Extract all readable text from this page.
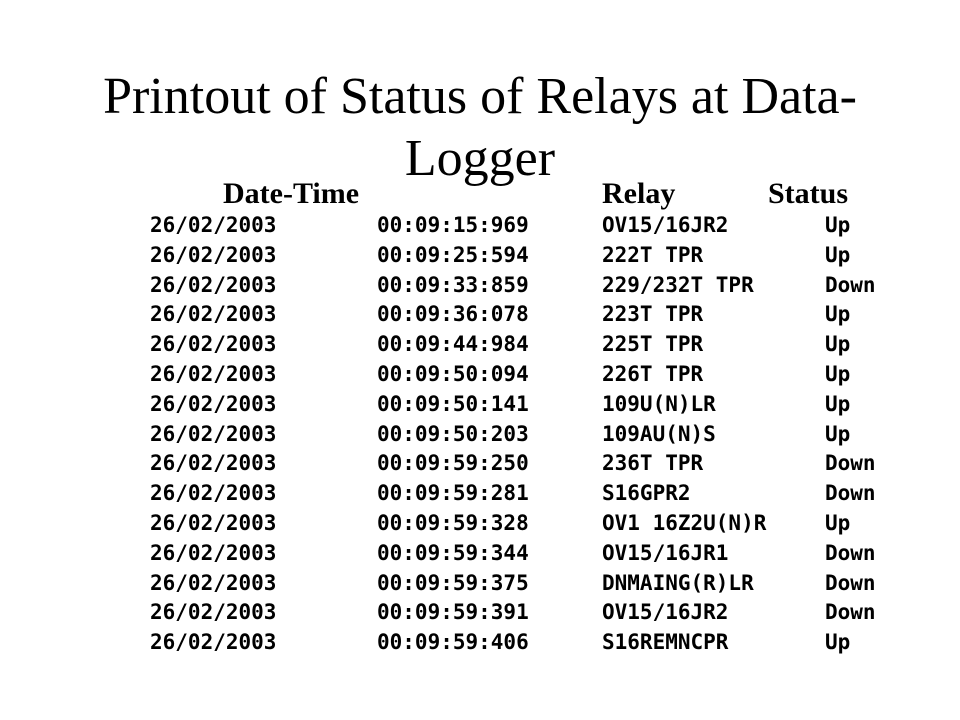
Printout of Status of Relays at Data-Logger
Date-Time	Relay	Status
26/02/2003	00:09:15:969	OV15/16JR2	Up
26/02/2003	00:09:25:594	222T TPR	Up
26/02/2003	00:09:33:859	229/232T TPR	Down
26/02/2003	00:09:36:078	223T TPR	Up
26/02/2003	00:09:44:984	225T TPR	Up
26/02/2003	00:09:50:094	226T TPR	Up
26/02/2003	00:09:50:141	109U(N)LR	Up
26/02/2003	00:09:50:203	109AU(N)S	Up
26/02/2003	00:09:59:250	236T TPR	Down
26/02/2003	00:09:59:281	S16GPR2	Down
26/02/2003	00:09:59:328	OV1 16Z2U(N)R	Up
26/02/2003	00:09:59:344	OV15/16JR1	Down
26/02/2003	00:09:59:375	DNMAING(R)LR	Down
26/02/2003	00:09:59:391	OV15/16JR2	Down
26/02/2003	00:09:59:406	S16REMNCPR	Up
